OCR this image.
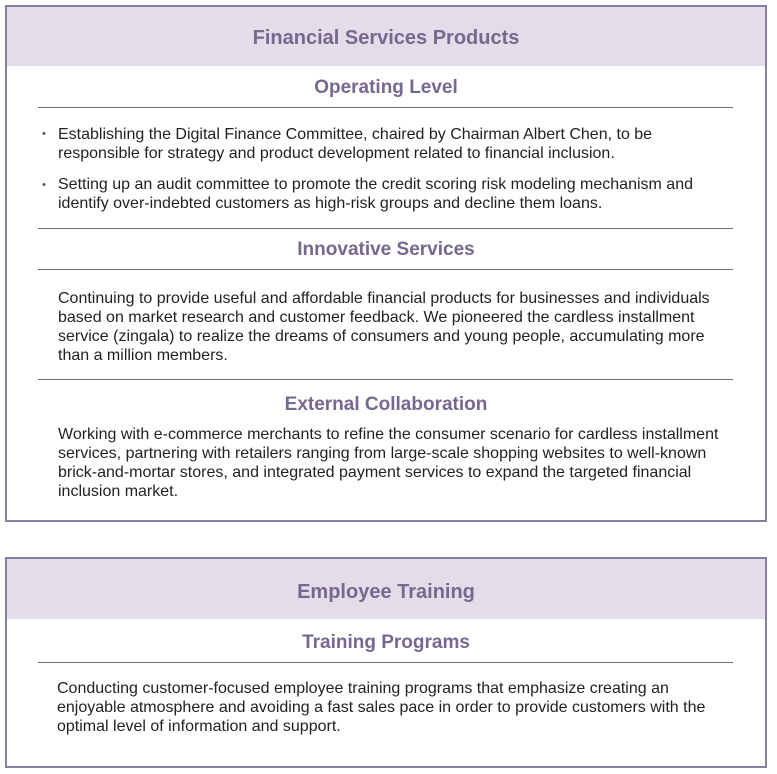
Financial Services Products
Operating Level
• Establishing the Digital Finance Committee, chaired by Chairman Albert Chen, to be responsible for strategy and product development related to financial inclusion.

• Setting up an audit committee to promote the credit scoring risk modeling mechanism and identify over-indebted customers as high-risk groups and decline them loans.

Innovative Services

Continuing to provide useful and affordable financial products for businesses and individuals based on market research and customer feedback. We pioneered the cardless installment service (zingala) to realize the dreams of consumers and young people, accumulating more than a million members.

External Collaboration

Working with e-commerce merchants to refine the consumer scenario for cardless installment services, partnering with retailers ranging from large-scale shopping websites to well-known brick-and-mortar stores, and integrated payment services to expand the targeted financial inclusion market.

Employee Training
Training Programs

Conducting customer-focused employee training programs that emphasize creating an enjoyable atmosphere and avoiding a fast sales pace in order to provide customers with the optimal level of information and support.
